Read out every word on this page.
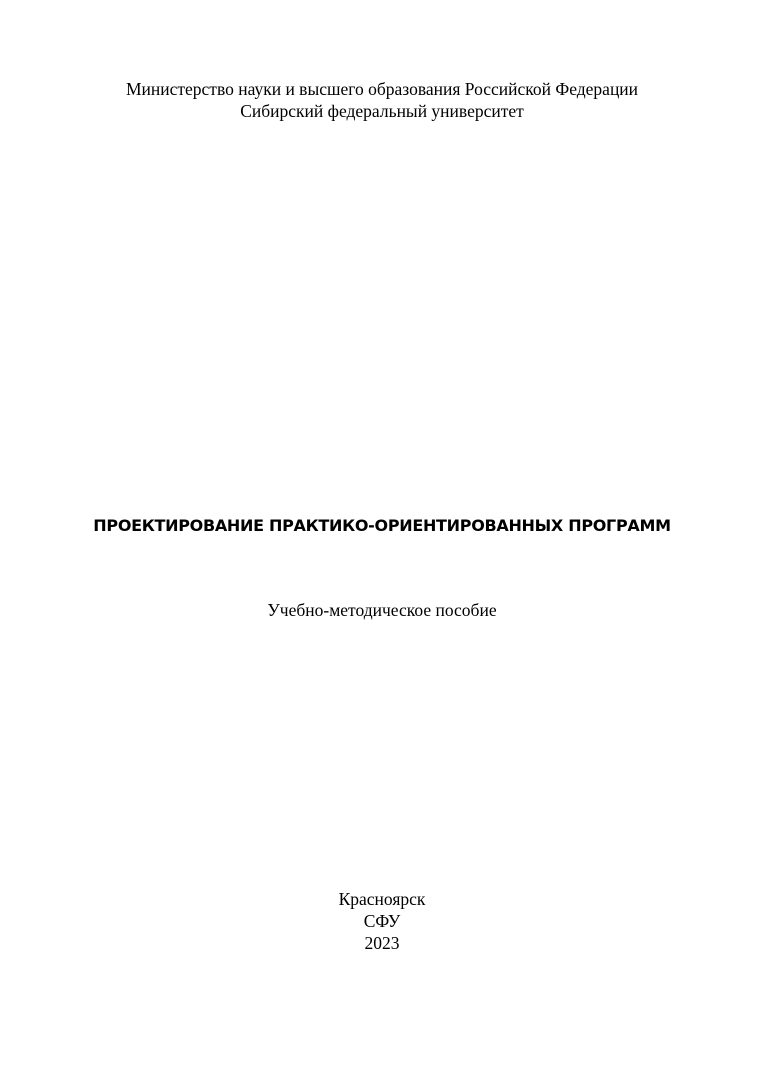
Министерство науки и высшего образования Российской Федерации
Сибирский федеральный университет
ПРОЕКТИРОВАНИЕ ПРАКТИКО-ОРИЕНТИРОВАННЫХ ПРОГРАММ
Учебно-методическое пособие
Красноярск
СФУ
2023
